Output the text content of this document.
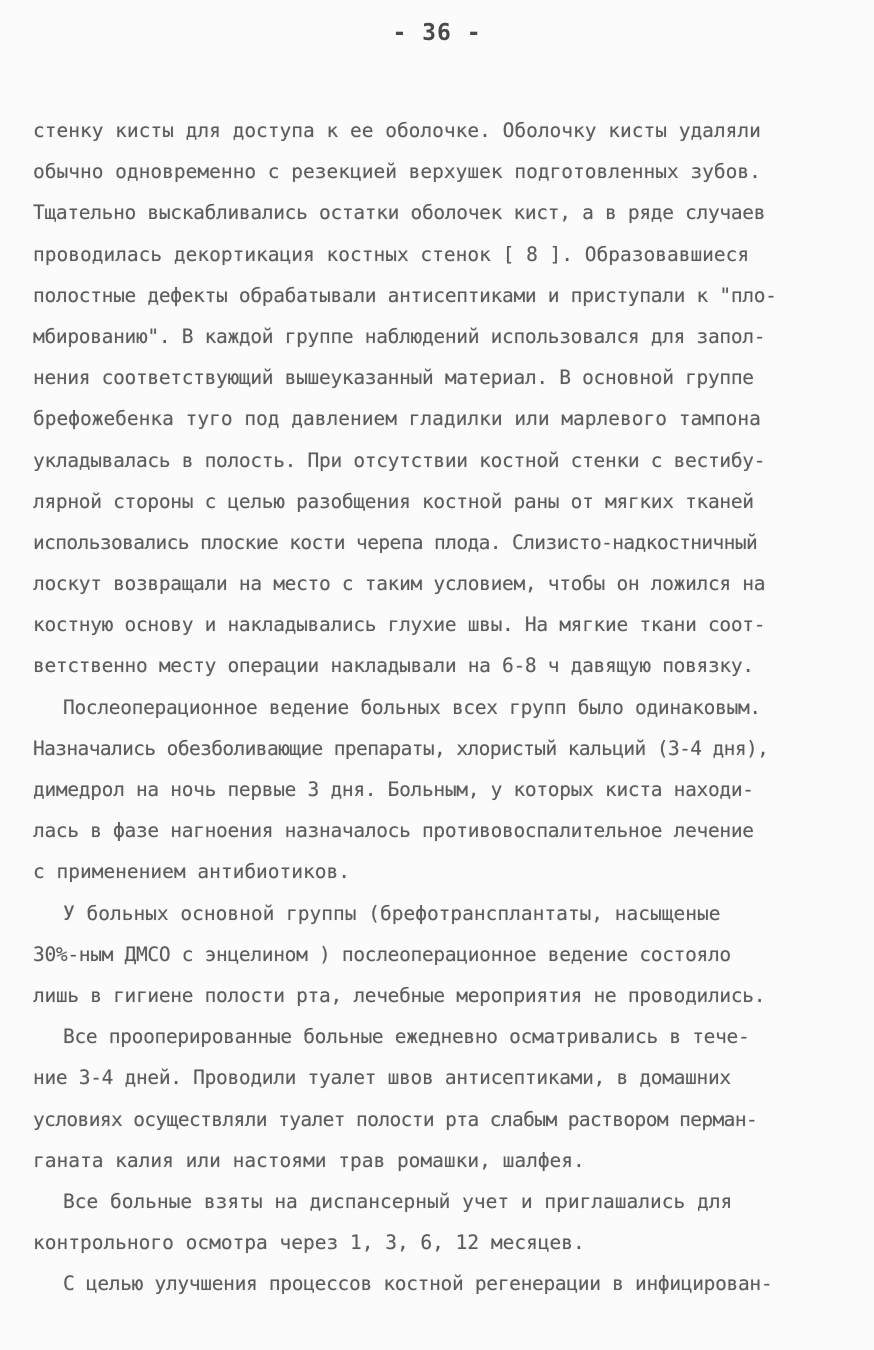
- 36 -
стенку кисты для доступа к ее оболочке. Оболочку кисты удаляли
обычно одновременно с резекцией верхушек подготовленных зубов.
Тщательно выскабливались остатки оболочек кист, а в ряде случаев
проводилась декортикация костных стенок [ 8 ]. Образовавшиеся
полостные дефекты обрабатывали антисептиками и приступали к "пло-
мбированию". В каждой группе наблюдений использовался для запол-
нения соответствующий вышеуказанный материал. В основной группе
брефожебенка туго под давлением гладилки или марлевого тампона
укладывалась в полость. При отсутствии костной стенки с вестибу-
лярной стороны с целью разобщения костной раны от мягких тканей
использовались плоские кости черепа плода. Слизисто-надкостничный
лоскут возвращали на место с таким условием, чтобы он ложился на
костную основу и накладывались глухие швы. На мягкие ткани соот-
ветственно месту операции накладывали на 6-8 ч давящую повязку.
Послеоперационное ведение больных всех групп было одинаковым.
Назначались обезболивающие препараты, хлористый кальций (3-4 дня),
димедрол на ночь первые 3 дня. Больным, у которых киста находи-
лась в фазе нагноения назначалось противовоспалительное лечение
с применением антибиотиков.
У больных основной группы (брефотрансплантаты, насыщеные
30%-ным ДМСО с энцелином ) послеоперационное ведение состояло
лишь в гигиене полости рта, лечебные мероприятия не проводились.
Все прооперированные больные ежедневно осматривались в тече-
ние 3-4 дней. Проводили туалет швов антисептиками, в домашних
условиях осуществляли туалет полости рта слабым раствором перман-
ганата калия или настоями трав ромашки, шалфея.
Все больные взяты на диспансерный учет и приглашались для
контрольного осмотра через 1, 3, 6, 12 месяцев.
С целью улучшения процессов костной регенерации в инфицирован-
